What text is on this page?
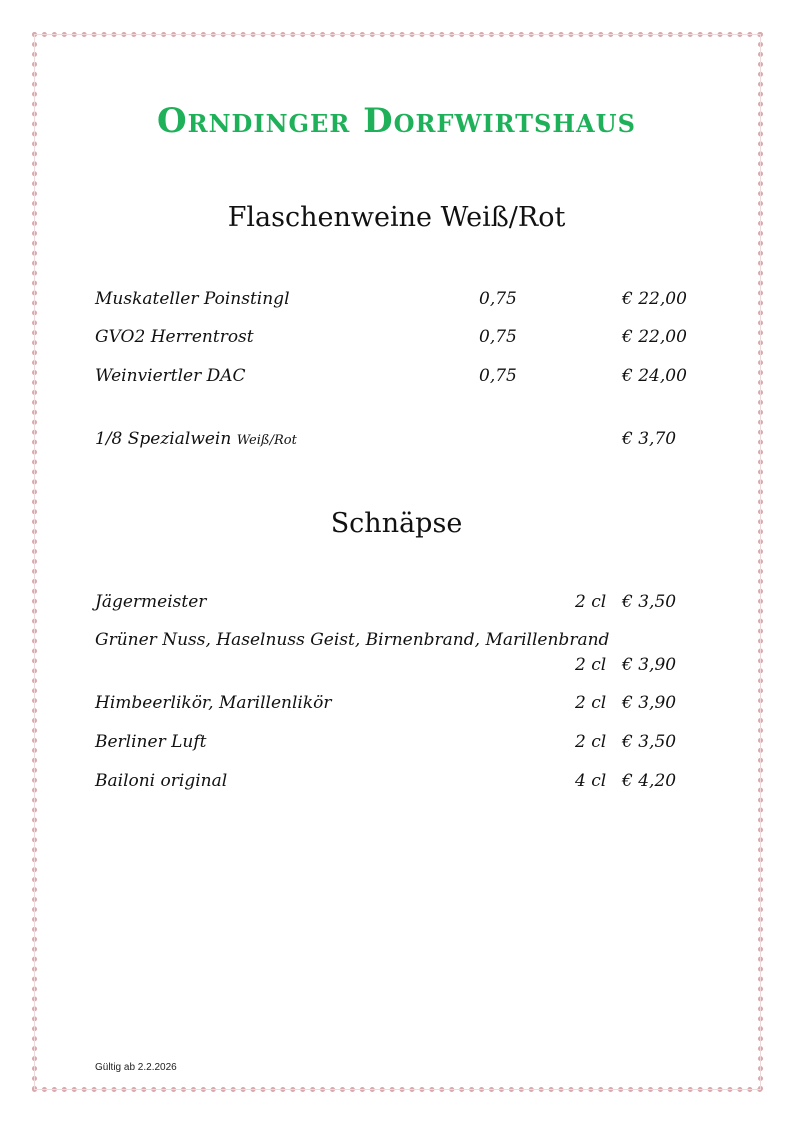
Orndinger Dorfwirtshaus
Flaschenweine Weiß/Rot
Muskateller Poinstingl	0,75	€ 22,00
GVO2 Herrentrost	0,75	€ 22,00
Weinviertler DAC	0,75	€ 24,00
1/8 Spezialwein Weiß/Rot	€ 3,70
Schnäpse
Jägermeister	2 cl € 3,50
Grüner Nuss, Haselnuss Geist, Birnenbrand, Marillenbrand
2 cl € 3,90
Himbeerlikör, Marillenlikör	2 cl € 3,90
Berliner Luft	2 cl € 3,50
Bailoni original	4 cl € 4,20
Gültig ab 2.2.2026
